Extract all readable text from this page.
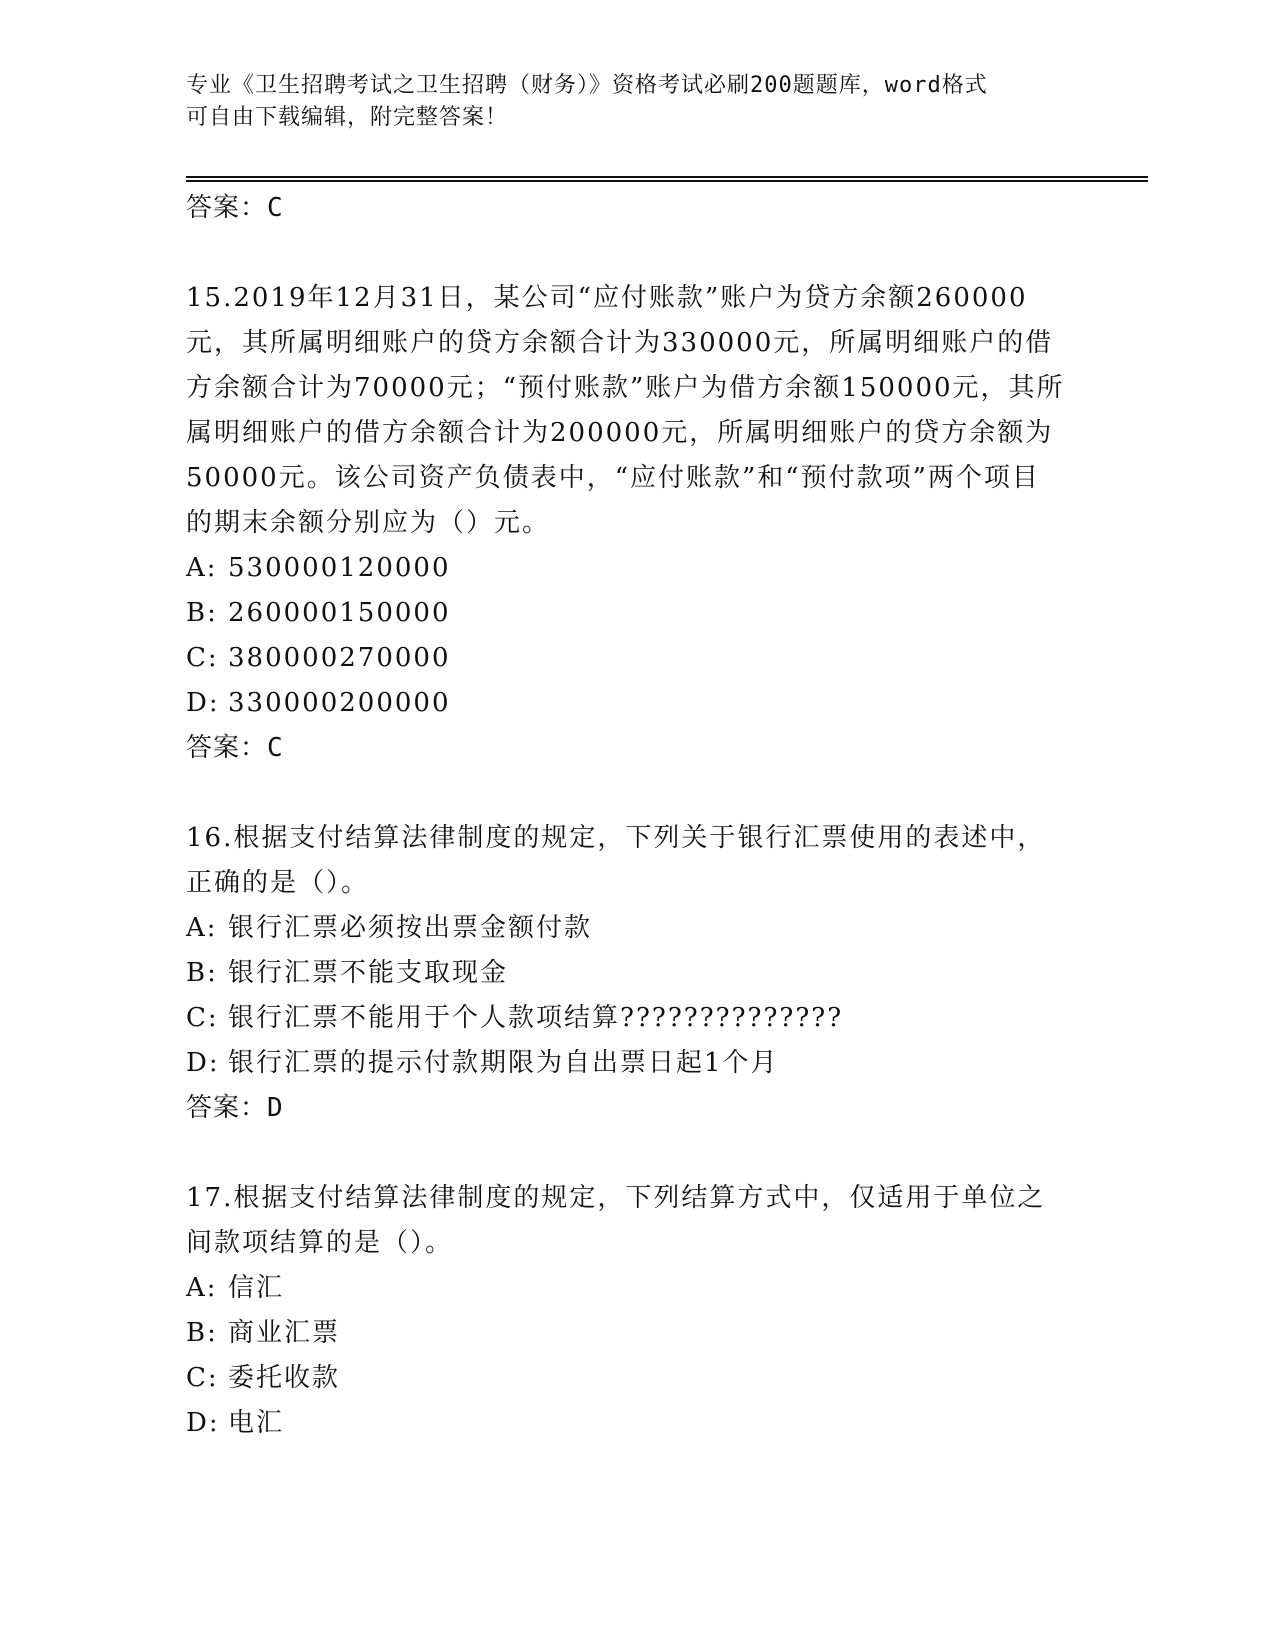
专业《卫生招聘考试之卫生招聘（财务）》资格考试必刷200题题库，word格式
可自由下载编辑，附完整答案！

答案：C

15.2019年12月31日，某公司“应付账款”账户为贷方余额260000元，其所属明细账户的贷方余额合计为330000元，所属明细账户的借方余额合计为70000元；“预付账款”账户为借方余额150000元，其所属明细账户的借方余额合计为200000元，所属明细账户的贷方余额为50000元。该公司资产负债表中，“应付账款”和“预付款项”两个项目的期末余额分别应为（）元。

A: 530000120000
B: 260000150000
C: 380000270000
D: 330000200000

答案：C

16.根据支付结算法律制度的规定，下列关于银行汇票使用的表述中，正确的是（）。

A: 银行汇票必须按出票金额付款
B: 银行汇票不能支取现金
C: 银行汇票不能用于个人款项结算??????????????
D: 银行汇票的提示付款期限为自出票日起1个月

答案：D

17.根据支付结算法律制度的规定，下列结算方式中，仅适用于单位之间款项结算的是（）。

A: 信汇
B: 商业汇票
C: 委托收款
D: 电汇
